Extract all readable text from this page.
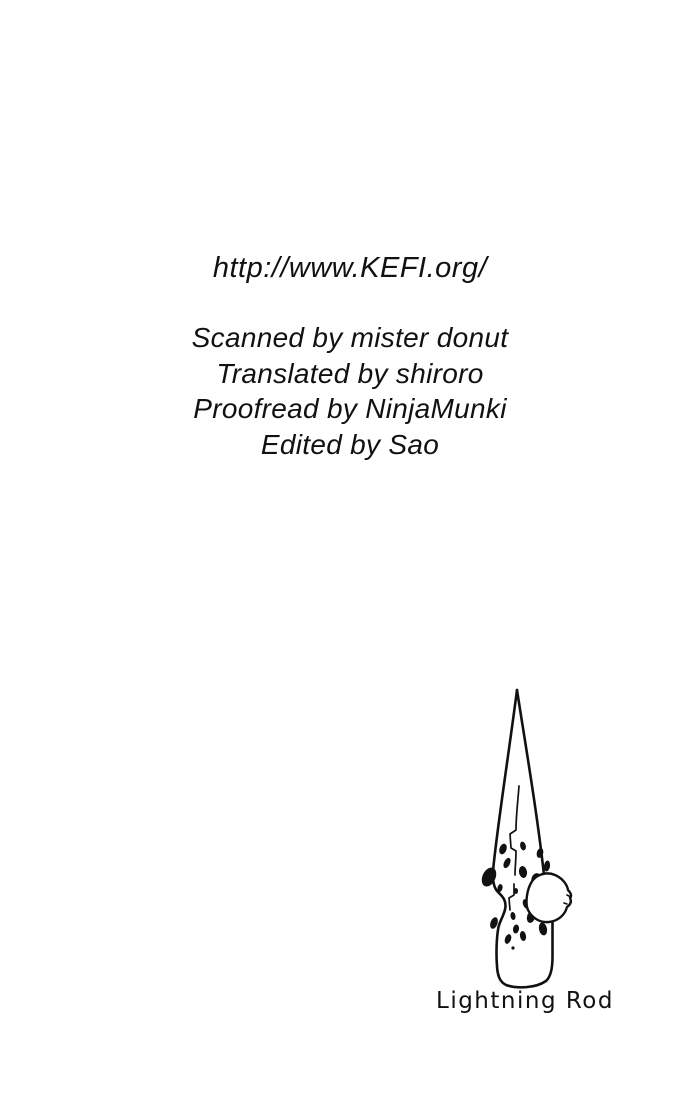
http://www.KEFI.org/
Scanned by mister donut
Translated by shiroro
Proofread by NinjaMunki
Edited by Sao
Lightning Rod
